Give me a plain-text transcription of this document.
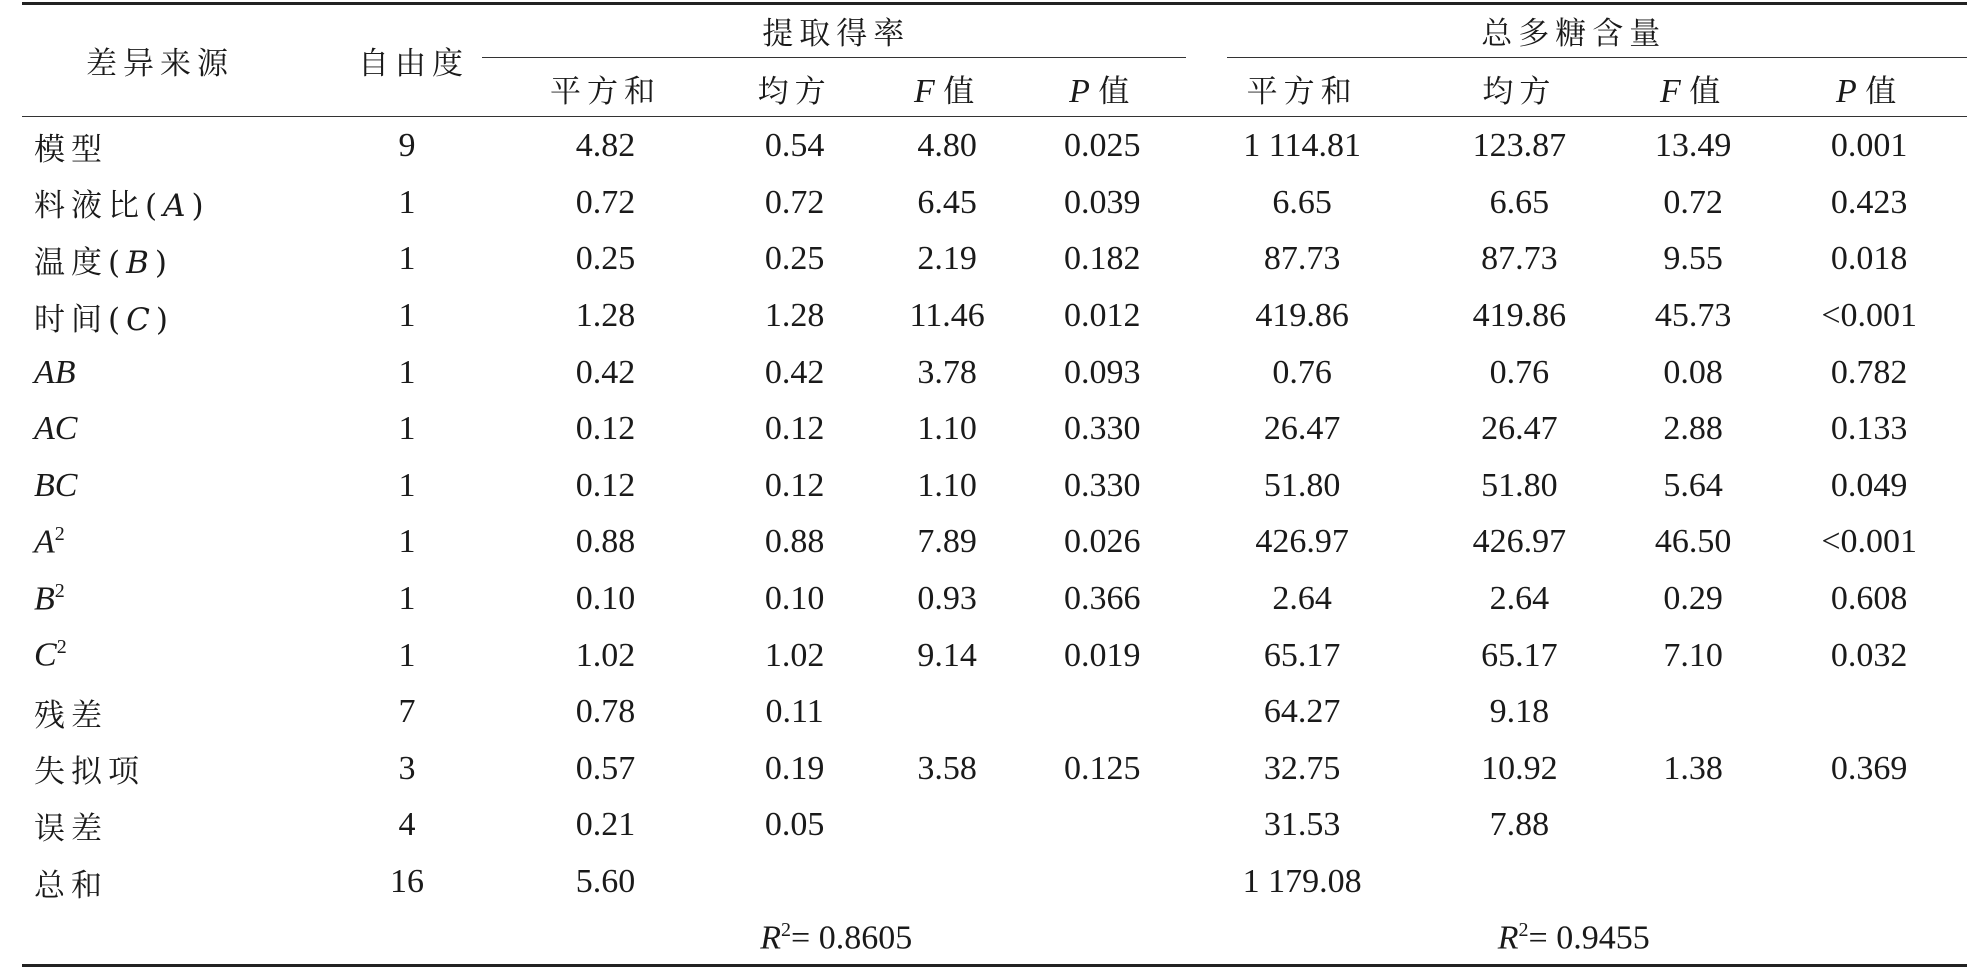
差异来源	自由度	提取得率				总多糖含量			
		平方和	均方	F 值	P 值	平方和	均方	F 值	P 值
模型	9	4.82	0.54	4.80	0.025	1 114.81	123.87	13.49	0.001
料液比(A)	1	0.72	0.72	6.45	0.039	6.65	6.65	0.72	0.423
温度(B)	1	0.25	0.25	2.19	0.182	87.73	87.73	9.55	0.018
时间(C)	1	1.28	1.28	11.46	0.012	419.86	419.86	45.73	<0.001
AB	1	0.42	0.42	3.78	0.093	0.76	0.76	0.08	0.782
AC	1	0.12	0.12	1.10	0.330	26.47	26.47	2.88	0.133
BC	1	0.12	0.12	1.10	0.330	51.80	51.80	5.64	0.049
$A^2$	1	0.88	0.88	7.89	0.026	426.97	426.97	46.50	<0.001
$B^2$	1	0.10	0.10	0.93	0.366	2.64	2.64	0.29	0.608
$C^2$	1	1.02	1.02	9.14	0.019	65.17	65.17	7.10	0.032
残差	7	0.78	0.11			64.27	9.18		
失拟项	3	0.57	0.19	3.58	0.125	32.75	10.92	1.38	0.369
误差	4	0.21	0.05			31.53	7.88		
总和	16	5.60				1 179.08			
		$R^2= 0.8605$				$R^2= 0.9455$			
